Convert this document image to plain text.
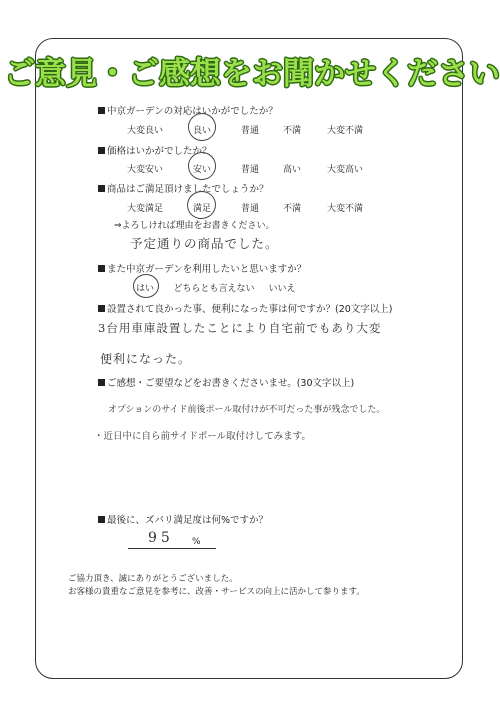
ご意見・ご感想をお聞かせください
中京ガーデンの対応はいかがでしたか？
大変良い	良い	普通	不満	大変不満
価格はいかがでしたか？
大変安い	安い	普通	高い	大変高い
商品はご満足頂けましたでしょうか？
大変満足	満足	普通	不満	大変不満
⇒よろしければ理由をお書きください。
予定通りの商品でした。
また中京ガーデンを利用したいと思いますか？
はい どちらとも言えない いいえ
設置されて良かった事、便利になった事は何ですか？(20文字以上)
3台用車庫設置したことにより自宅前でもあり大変
便利になった。
ご感想・ご要望などをお書きくださいませ。(30文字以上)
オプションのサイド前後ポール取付けが不可だった事が残念でした。
・近日中に自ら前サイドポール取付けしてみます。
最後に、ズバリ満足度は何%ですか？
95 %
ご協力頂き、誠にありがとうございました。
お客様の貴重なご意見を参考に、改善・サービスの向上に活かして参ります。
